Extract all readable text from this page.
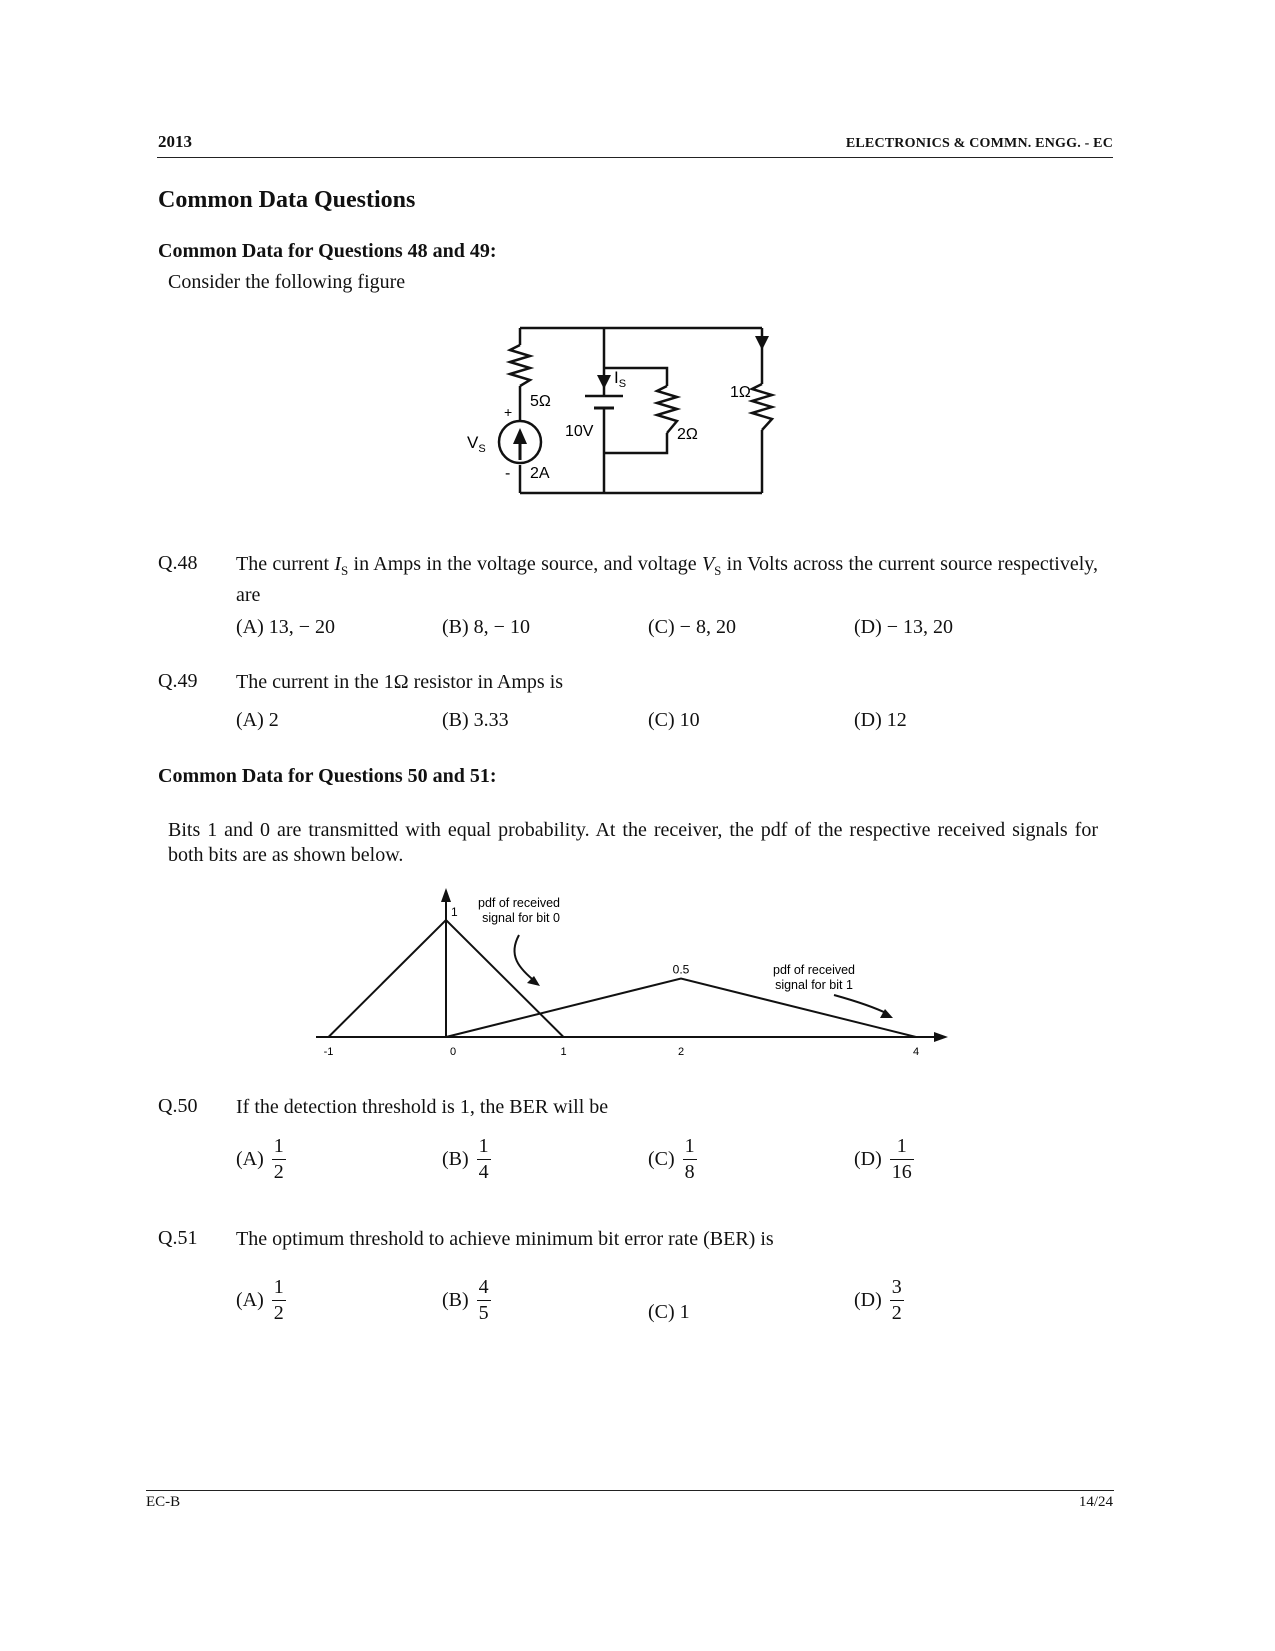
2013	ELECTRONICS & COMMN. ENGG. - EC
Common Data Questions
Common Data for Questions 48 and 49:
Consider the following figure
5Ω
+
-
$V_S$
2A
10V
$I_S$
2Ω
1Ω
Q.48 The current $I_S$ in Amps in the voltage source, and voltage $V_S$ in Volts across the current source respectively, are
(A) 13, − 20	(B) 8, − 10	(C) − 8, 20	(D) − 13, 20
Q.49 The current in the 1Ω resistor in Amps is
(A) 2	(B) 3.33	(C) 10	(D) 12
Common Data for Questions 50 and 51:
Bits 1 and 0 are transmitted with equal probability. At the receiver, the pdf of the respective received signals for both bits are as shown below.
-1	0	1	2	4
1
0.5
pdf of received
signal for bit 0
pdf of received
signal for bit 1
Q.50 If the detection threshold is 1, the BER will be
$(A) \frac{1}{2}$	$(B) \frac{1}{4}$	$(C) \frac{1}{8}$	$(D) \frac{1}{16}$
Q.51 The optimum threshold to achieve minimum bit error rate (BER) is
$(A) \frac{1}{2}$	$(B) \frac{4}{5}$	(C) 1
$(D) \frac{3}{2}$
EC-B	14/24
